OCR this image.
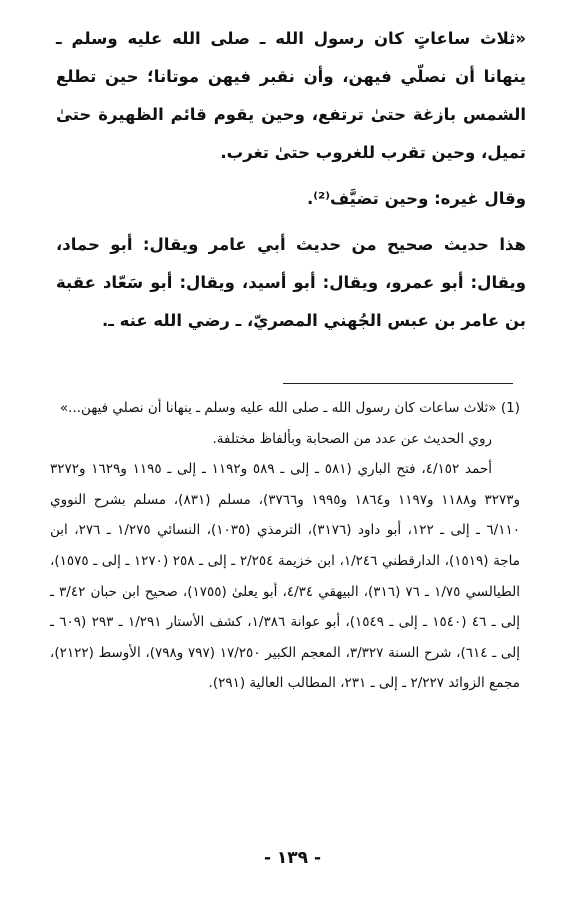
«ثلاث ساعاتٍ كان رسول الله ـ صلى الله عليه وسلم ـ ينهانا أن نصلّي فيهن، وأن نقبر فيهن موتانا؛ حين تطلع الشمس بازغة حتىٰ ترتفع، وحين يقوم قائم الظهيرة حتىٰ تميل، وحين تقرب للغروب حتىٰ تغرب.

وقال غيره: وحين تضيَّف⁽²⁾.

هذا حديث صحيح من حديث أبي عامر ويقال: أبو حماد، ويقال: أبو عمرو، ويقال: أبو أسيد، ويقال: أبو سَعّاد عقبة بن عامر بن عبس الجُهني المصريّ، ـ رضي الله عنه ـ.

(1) «ثلاث ساعات كان رسول الله ـ صلى الله عليه وسلم ـ ينهانا أن نصلي فيهن...»

روي الحديث عن عدد من الصحابة وبألفاظ مختلفة.

أحمد ٤/١٥٢، فتح الباري (٥٨١ ـ إلى ـ ٥٨٩ و١١٩٢ ـ إلى ـ ١١٩٥ و١٦٢٩ و٣٢٧٢ و٣٢٧٣ و١١٨٨ و١١٩٧ و١٨٦٤ و١٩٩٥ و٣٧٦٦)، مسلم (٨٣١)، مسلم بشرح النووي ٦/١١٠ ـ إلى ـ ١٢٢، أبو داود (٣١٧٦)، الترمذي (١٠٣٥)، النسائي ١/٢٧٥ ـ ٢٧٦، ابن ماجة (١٥١٩)، الدارقطني ١/٢٤٦، ابن خزيمة ٢/٢٥٤ ـ إلى ـ ٢٥٨ (١٢٧٠ ـ إلى ـ ١٥٧٥)، الطيالسي ١/٧٥ ـ ٧٦ (٣١٦)، البيهقي ٤/٣٤، أبو يعلىٰ (١٧٥٥)، صحيح ابن حبان ٣/٤٢ ـ إلى ـ ٤٦ (١٥٤٠ ـ إلى ـ ١٥٤٩)، أبو عوانة ١/٣٨٦، كشف الأستار ١/٢٩١ ـ ٢٩٣ (٦٠٩ ـ إلى ـ ٦١٤)، شرح السنة ٣/٣٢٧، المعجم الكبير ١٧/٢٥٠ (٧٩٧ و٧٩٨)، الأوسط (٢١٢٢)، مجمع الزوائد ٢/٢٢٧ ـ إلى ـ ٢٣١، المطالب العالية (٢٩١).

- ١٣٩ -
